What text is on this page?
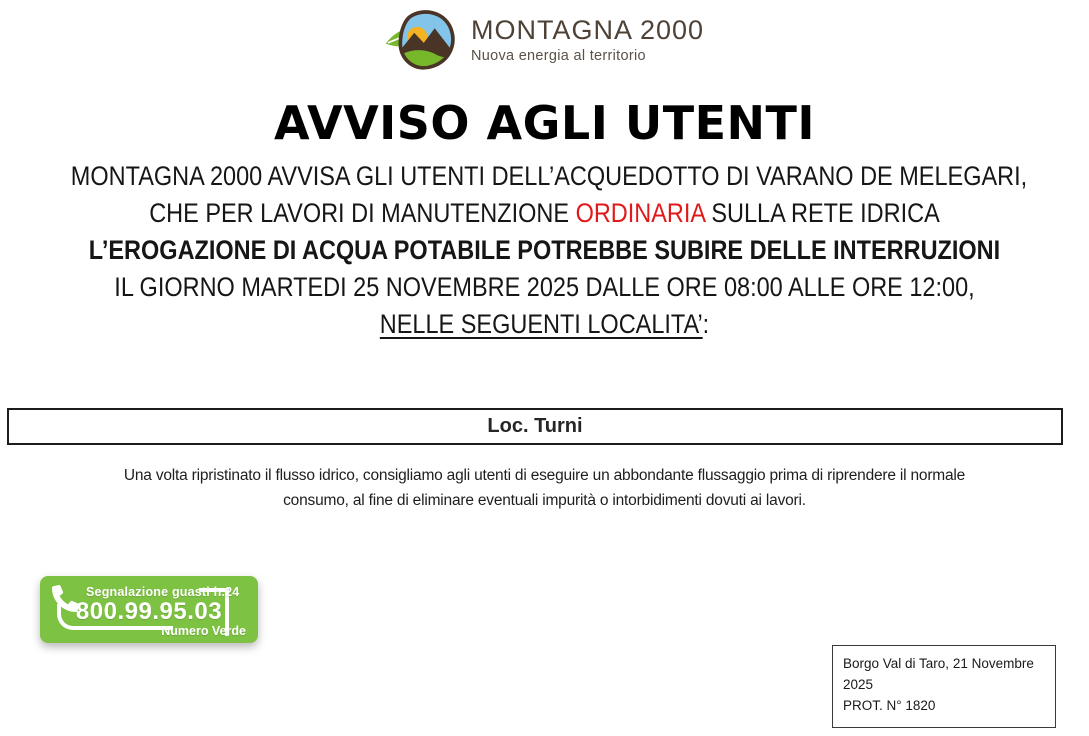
MONTAGNA 2000
Nuova energia al territorio
AVVISO AGLI UTENTI
MONTAGNA 2000 AVVISA GLI UTENTI DELL’ACQUEDOTTO DI VARANO DE MELEGARI,
CHE PER LAVORI DI MANUTENZIONE ORDINARIA SULLA RETE IDRICA
L’EROGAZIONE DI ACQUA POTABILE POTREBBE SUBIRE DELLE INTERRUZIONI
IL GIORNO MARTEDI 25 NOVEMBRE 2025 DALLE ORE 08:00 ALLE ORE 12:00,
NELLE SEGUENTI LOCALITA’:
Loc. Turni
Una volta ripristinato il flusso idrico, consigliamo agli utenti di eseguire un abbondante flussaggio prima di riprendere il normale
consumo, al fine di eliminare eventuali impurità o intorbidimenti dovuti ai lavori.
Segnalazione guasti h.24
800.99.95.03
Numero Verde
Borgo Val di Taro, 21 Novembre 2025
PROT. N° 1820
